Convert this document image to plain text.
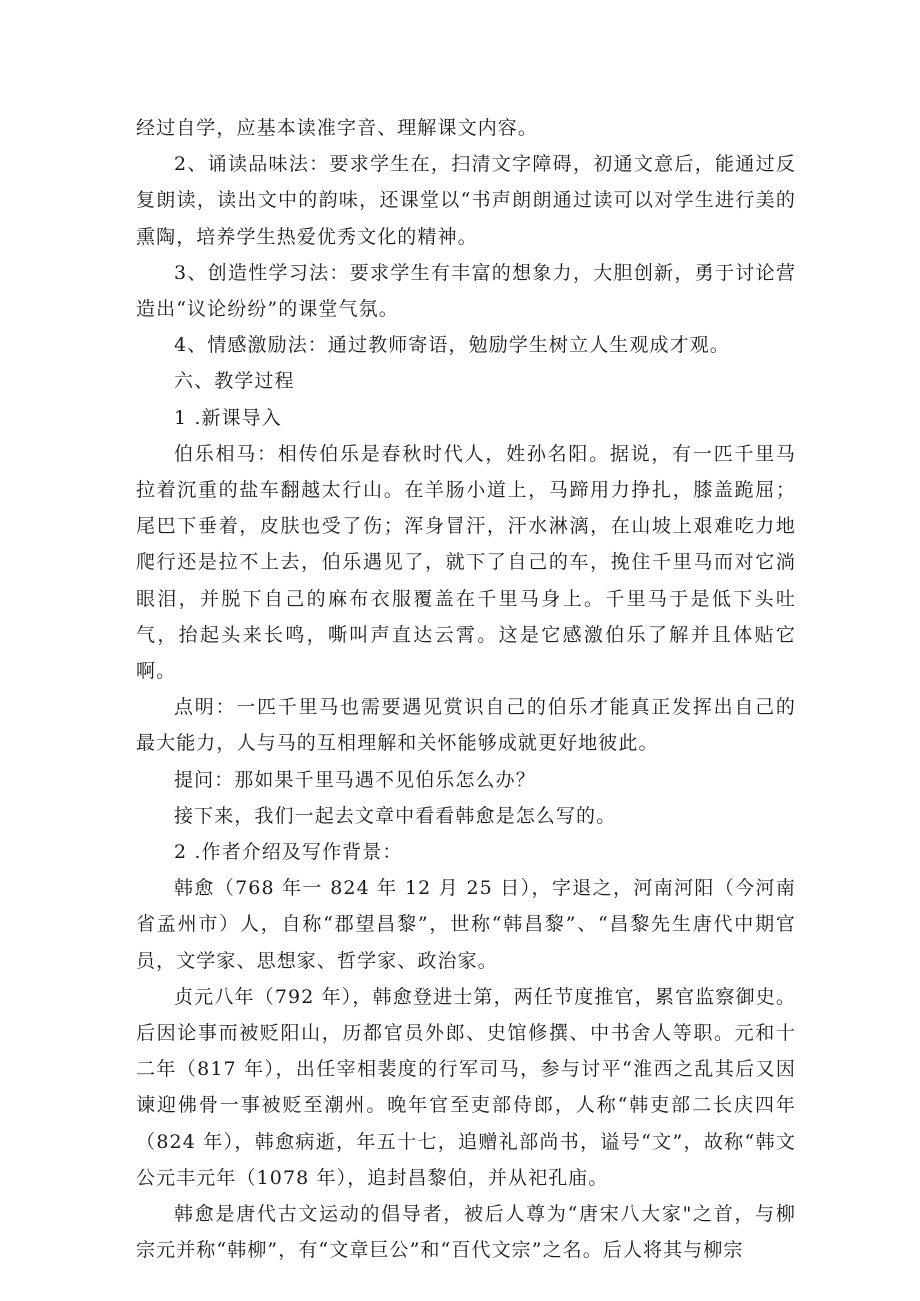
经过自学，应基本读准字音、理解课文内容。

2、诵读品味法：要求学生在，扫清文字障碍，初通文意后，能通过反复朗读，读出文中的韵味，还课堂以“书声朗朗通过读可以对学生进行美的熏陶，培养学生热爱优秀文化的精神。

3、创造性学习法：要求学生有丰富的想象力，大胆创新，勇于讨论营造出“议论纷纷”的课堂气氛。

4、情感激励法：通过教师寄语，勉励学生树立人生观成才观。

六、教学过程

1 .新课导入

伯乐相马：相传伯乐是春秋时代人，姓孙名阳。据说，有一匹千里马拉着沉重的盐车翻越太行山。在羊肠小道上，马蹄用力挣扎，膝盖跪屈；尾巴下垂着，皮肤也受了伤；浑身冒汗，汗水淋漓，在山坡上艰难吃力地爬行还是拉不上去，伯乐遇见了，就下了自己的车，挽住千里马而对它淌眼泪，并脱下自己的麻布衣服覆盖在千里马身上。千里马于是低下头吐气，抬起头来长鸣，嘶叫声直达云霄。这是它感激伯乐了解并且体贴它啊。

点明：一匹千里马也需要遇见赏识自己的伯乐才能真正发挥出自己的最大能力，人与马的互相理解和关怀能够成就更好地彼此。

提问：那如果千里马遇不见伯乐怎么办？

接下来，我们一起去文章中看看韩愈是怎么写的。

2 .作者介绍及写作背景：

韩愈（768 年一 824 年 12 月 25 日），字退之，河南河阳（今河南省孟州市）人，自称“郡望昌黎”，世称“韩昌黎”、“昌黎先生唐代中期官员，文学家、思想家、哲学家、政治家。

贞元八年（792 年），韩愈登进士第，两任节度推官，累官监察御史。后因论事而被贬阳山，历都官员外郎、史馆修撰、中书舍人等职。元和十二年（817 年），出任宰相裴度的行军司马，参与讨平“淮西之乱其后又因谏迎佛骨一事被贬至潮州。晚年官至吏部侍郎，人称“韩吏部二长庆四年（824 年），韩愈病逝，年五十七，追赠礼部尚书，谥号“文”，故称“韩文公元丰元年（1078 年），追封昌黎伯，并从祀孔庙。

韩愈是唐代古文运动的倡导者，被后人尊为“唐宋八大家"之首，与柳宗元并称“韩柳”，有“文章巨公”和“百代文宗”之名。后人将其与柳宗
